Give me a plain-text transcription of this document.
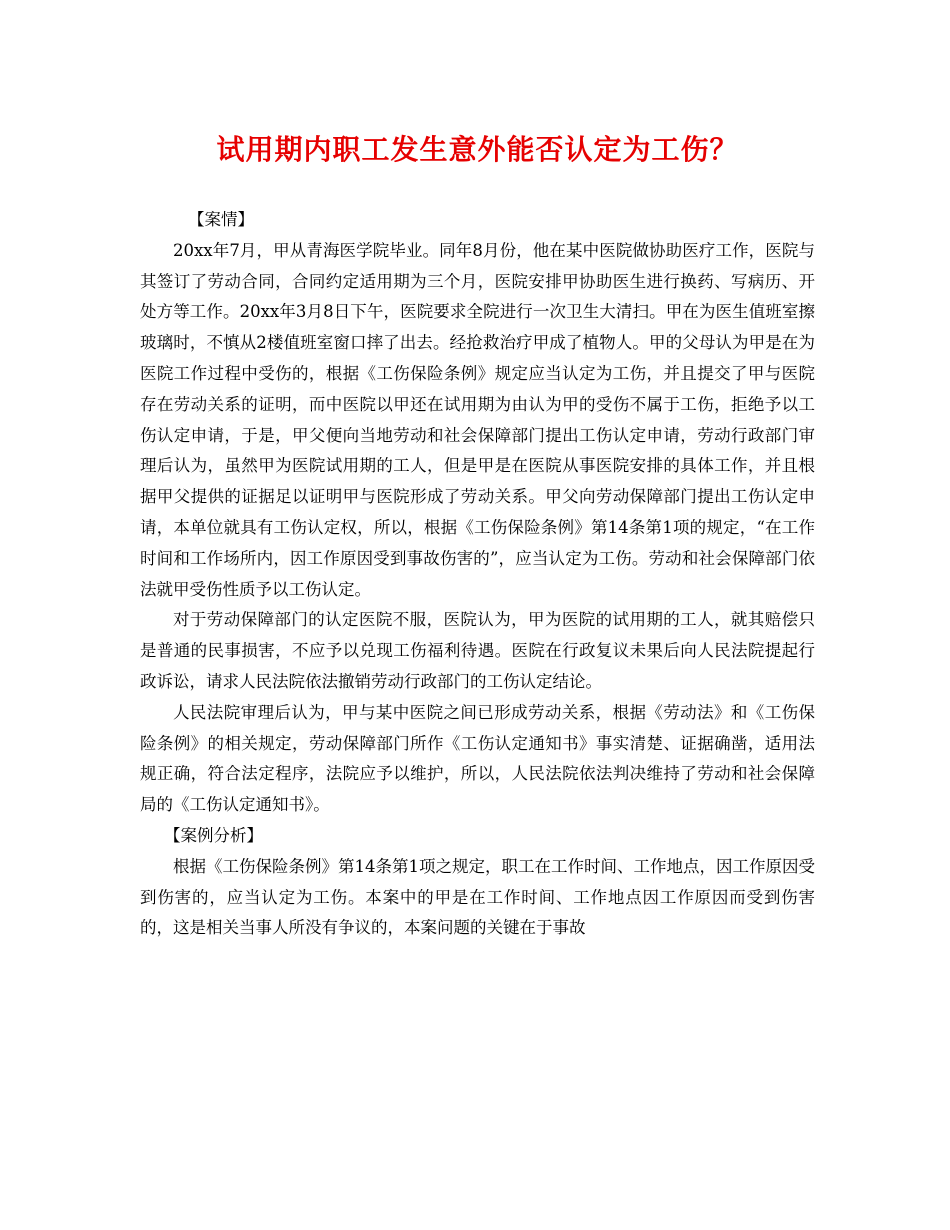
试用期内职工发生意外能否认定为工伤？

【案情】

20xx年7月，甲从青海医学院毕业。同年8月份，他在某中医院做协助医疗工作，医院与其签订了劳动合同，合同约定适用期为三个月，医院安排甲协助医生进行换药、写病历、开处方等工作。20xx年3月8日下午，医院要求全院进行一次卫生大清扫。甲在为医生值班室擦玻璃时，不慎从2楼值班室窗口摔了出去。经抢救治疗甲成了植物人。甲的父母认为甲是在为医院工作过程中受伤的，根据《工伤保险条例》规定应当认定为工伤，并且提交了甲与医院存在劳动关系的证明，而中医院以甲还在试用期为由认为甲的受伤不属于工伤，拒绝予以工伤认定申请，于是，甲父便向当地劳动和社会保障部门提出工伤认定申请，劳动行政部门审理后认为，虽然甲为医院试用期的工人，但是甲是在医院从事医院安排的具体工作，并且根据甲父提供的证据足以证明甲与医院形成了劳动关系。甲父向劳动保障部门提出工伤认定申请，本单位就具有工伤认定权，所以，根据《工伤保险条例》第14条第1项的规定，“在工作时间和工作场所内，因工作原因受到事故伤害的”，应当认定为工伤。劳动和社会保障部门依法就甲受伤性质予以工伤认定。

对于劳动保障部门的认定医院不服，医院认为，甲为医院的试用期的工人，就其赔偿只是普通的民事损害，不应予以兑现工伤福利待遇。医院在行政复议未果后向人民法院提起行政诉讼，请求人民法院依法撤销劳动行政部门的工伤认定结论。

人民法院审理后认为，甲与某中医院之间已形成劳动关系，根据《劳动法》和《工伤保险条例》的相关规定，劳动保障部门所作《工伤认定通知书》事实清楚、证据确凿，适用法规正确，符合法定程序，法院应予以维护，所以，人民法院依法判决维持了劳动和社会保障局的《工伤认定通知书》。

【案例分析】

根据《工伤保险条例》第14条第1项之规定，职工在工作时间、工作地点，因工作原因受到伤害的，应当认定为工伤。本案中的甲是在工作时间、工作地点因工作原因而受到伤害的，这是相关当事人所没有争议的，本案问题的关键在于事故
